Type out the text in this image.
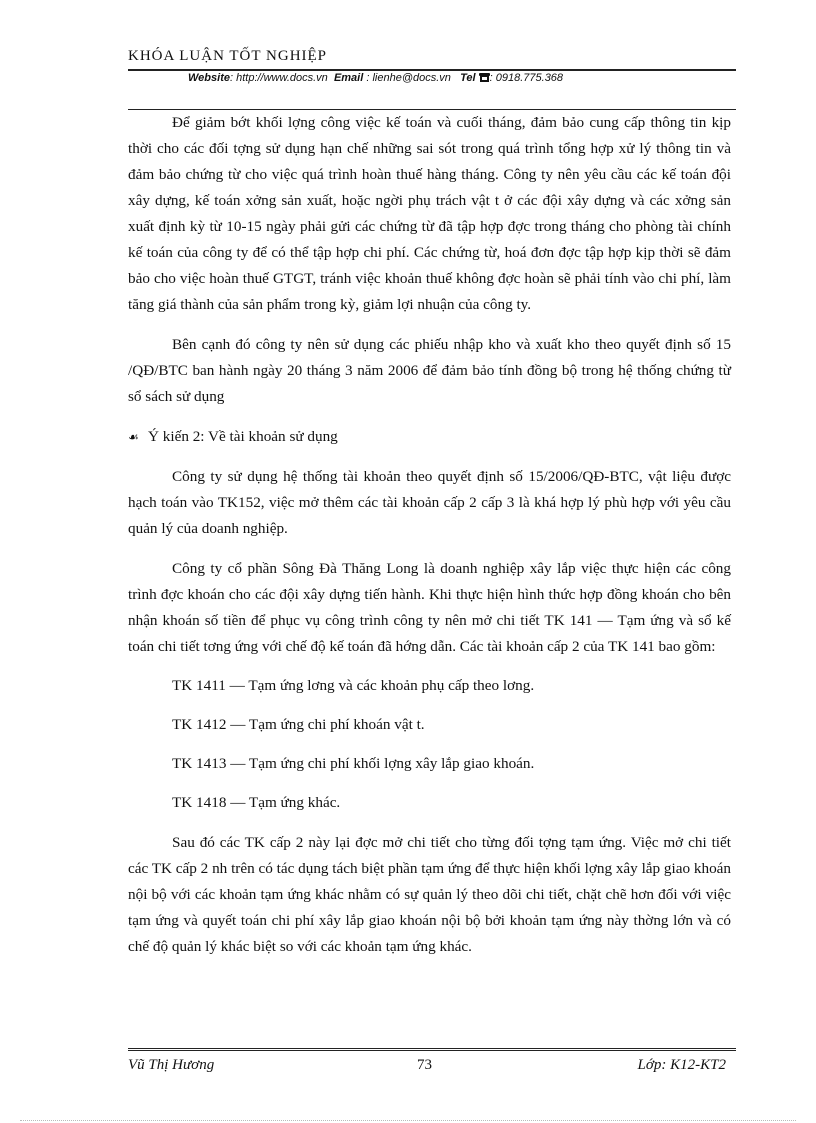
KHÓA LUẬN TỐT NGHIỆP

Website: http://www.docs.vn Email : lienhe@docs.vn Tel : 0918.775.368

Để giảm bớt khối lợng công việc kế toán và cuối tháng, đảm bảo cung cấp thông tin kịp thời cho các đối tợng sử dụng hạn chế những sai sót trong quá trình tổng hợp xử lý thông tin và đảm bảo chứng từ cho việc quá trình hoàn thuế hàng tháng. Công ty nên yêu cầu các kế toán đội xây dựng, kế toán xởng sản xuất, hoặc ngời phụ trách vật t ở các đội xây dựng và các xởng sản xuất định kỳ từ 10-15 ngày phải gửi các chứng từ đã tập hợp đợc trong tháng cho phòng tài chính kế toán của công ty để có thể tập hợp chi phí. Các chứng từ, hoá đơn đợc tập hợp kịp thời sẽ đảm bảo cho việc hoàn thuế GTGT, tránh việc khoản thuế không đợc hoàn sẽ phải tính vào chi phí, làm tăng giá thành của sản phẩm trong kỳ, giảm lợi nhuận của công ty.

Bên cạnh đó công ty nên sử dụng các phiếu nhập kho và xuất kho theo quyết định số 15 /QĐ/BTC ban hành ngày 20 tháng 3 năm 2006 để đảm bảo tính đồng bộ trong hệ thống chứng từ sổ sách sử dụng

☙ Ý kiến 2: Về tài khoản sử dụng

Công ty sử dụng hệ thống tài khoản theo quyết định số 15/2006/QĐ-BTC, vật liệu được hạch toán vào TK152, việc mở thêm các tài khoản cấp 2 cấp 3 là khá hợp lý phù hợp với yêu cầu quản lý của doanh nghiệp.

Công ty cổ phần Sông Đà Thăng Long là doanh nghiệp xây lắp việc thực hiện các công trình đợc khoán cho các đội xây dựng tiến hành. Khi thực hiện hình thức hợp đồng khoán cho bên nhận khoán số tiền để phục vụ công trình công ty nên mở chi tiết TK 141 — Tạm ứng và sổ kế toán chi tiết tơng ứng với chế độ kế toán đã hớng dẫn. Các tài khoản cấp 2 của TK 141 bao gồm:

TK 1411 — Tạm ứng lơng và các khoản phụ cấp theo lơng.

TK 1412 — Tạm ứng chi phí khoán vật t.

TK 1413 — Tạm ứng chi phí khối lợng xây lắp giao khoán.

TK 1418 — Tạm ứng khác.

Sau đó các TK cấp 2 này lại đợc mở chi tiết cho từng đối tợng tạm ứng. Việc mở chi tiết các TK cấp 2 nh trên có tác dụng tách biệt phần tạm ứng để thực hiện khối lợng xây lắp giao khoán nội bộ với các khoản tạm ứng khác nhằm có sự quản lý theo dõi chi tiết, chặt chẽ hơn đối với việc tạm ứng và quyết toán chi phí xây lắp giao khoán nội bộ bởi khoản tạm ứng này thờng lớn và có chế độ quản lý khác biệt so với các khoản tạm ứng khác.

Vũ Thị Hương	73	Lớp: K12-KT2
